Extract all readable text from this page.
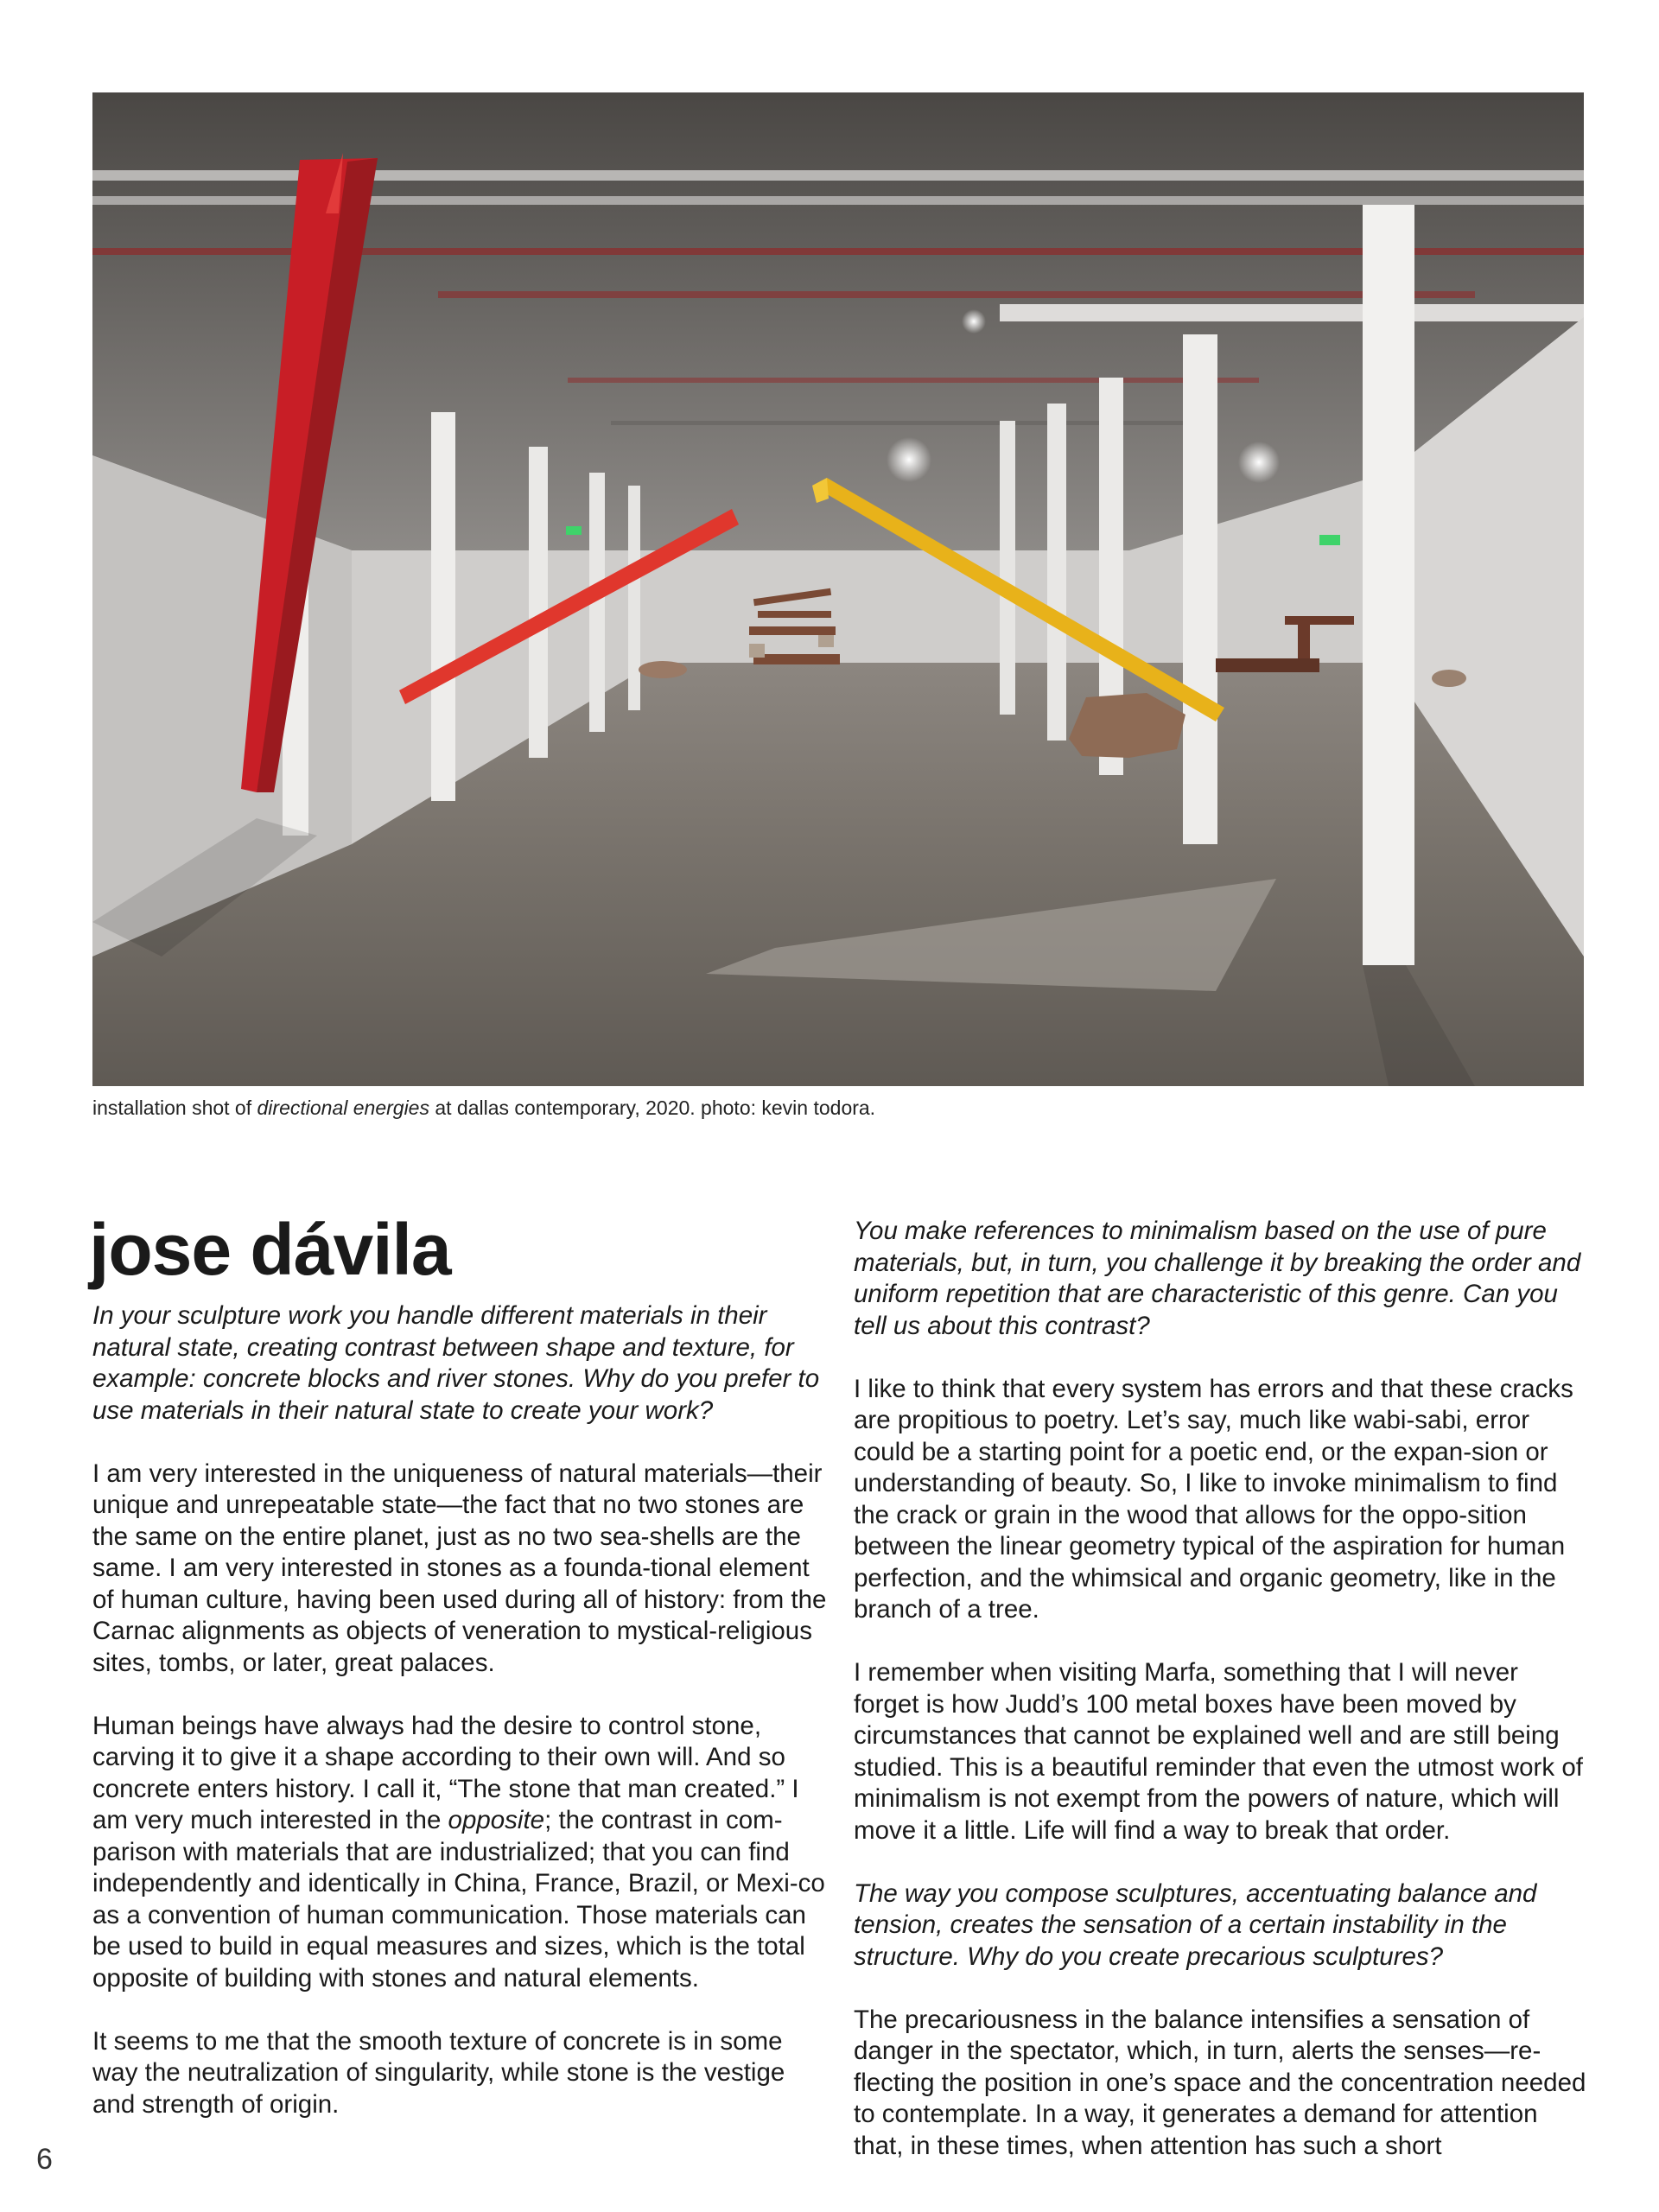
installation shot of directional energies at dallas contemporary, 2020. photo: kevin todora.
jose dávila

In your sculpture work you handle different materials in their natural state, creating contrast between shape and texture, for example: concrete blocks and river stones. Why do you prefer to use materials in their natural state to create your work?

I am very interested in the uniqueness of natural materials—their unique and unrepeatable state—the fact that no two stones are the same on the entire planet, just as no two sea-shells are the same. I am very interested in stones as a founda-tional element of human culture, having been used during all of history: from the Carnac alignments as objects of veneration to mystical-religious sites, tombs, or later, great palaces.

Human beings have always had the desire to control stone, carving it to give it a shape according to their own will. And so concrete enters history. I call it, “The stone that man created.” I am very much interested in the opposite; the contrast in com-parison with materials that are industrialized; that you can find independently and identically in China, France, Brazil, or Mexi-co as a convention of human communication. Those materials can be used to build in equal measures and sizes, which is the total opposite of building with stones and natural elements.

It seems to me that the smooth texture of concrete is in some way the neutralization of singularity, while stone is the vestige and strength of origin.

You make references to minimalism based on the use of pure materials, but, in turn, you challenge it by breaking the order and uniform repetition that are characteristic of this genre. Can you tell us about this contrast?

I like to think that every system has errors and that these cracks are propitious to poetry. Let’s say, much like wabi-sabi, error could be a starting point for a poetic end, or the expan-sion or understanding of beauty. So, I like to invoke minimalism to find the crack or grain in the wood that allows for the oppo-sition between the linear geometry typical of the aspiration for human perfection, and the whimsical and organic geometry, like in the branch of a tree.

I remember when visiting Marfa, something that I will never forget is how Judd’s 100 metal boxes have been moved by circumstances that cannot be explained well and are still being studied. This is a beautiful reminder that even the utmost work of minimalism is not exempt from the powers of nature, which will move it a little. Life will find a way to break that order.

The way you compose sculptures, accentuating balance and tension, creates the sensation of a certain instability in the structure. Why do you create precarious sculptures?

The precariousness in the balance intensifies a sensation of danger in the spectator, which, in turn, alerts the senses—re-flecting the position in one’s space and the concentration needed to contemplate. In a way, it generates a demand for attention that, in these times, when attention has such a short

6
